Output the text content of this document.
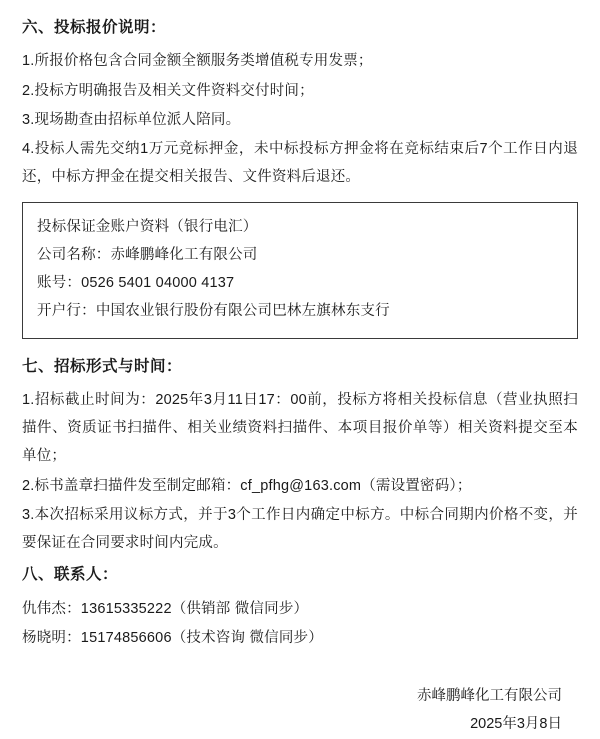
六、投标报价说明：
1.所报价格包含合同金额全额服务类增值税专用发票；
2.投标方明确报告及相关文件资料交付时间；
3.现场勘查由招标单位派人陪同。
4.投标人需先交纳1万元竞标押金，未中标投标方押金将在竞标结束后7个工作日内退还，中标方押金在提交相关报告、文件资料后退还。
投标保证金账户资料（银行电汇）
公司名称：赤峰鹏峰化工有限公司
账号：0526 5401 04000 4137
开户行：中国农业银行股份有限公司巴林左旗林东支行
七、招标形式与时间：
1.招标截止时间为：2025年3月11日17：00前，投标方将相关投标信息（营业执照扫描件、资质证书扫描件、相关业绩资料扫描件、本项目报价单等）相关资料提交至本单位；
2.标书盖章扫描件发至制定邮箱：cf_pfhg@163.com（需设置密码）；
3.本次招标采用议标方式，并于3个工作日内确定中标方。中标合同期内价格不变，并要保证在合同要求时间内完成。
八、联系人：
仇伟杰：13615335222（供销部 微信同步）
杨晓明：15174856606（技术咨询 微信同步）
赤峰鹏峰化工有限公司
2025年3月8日
